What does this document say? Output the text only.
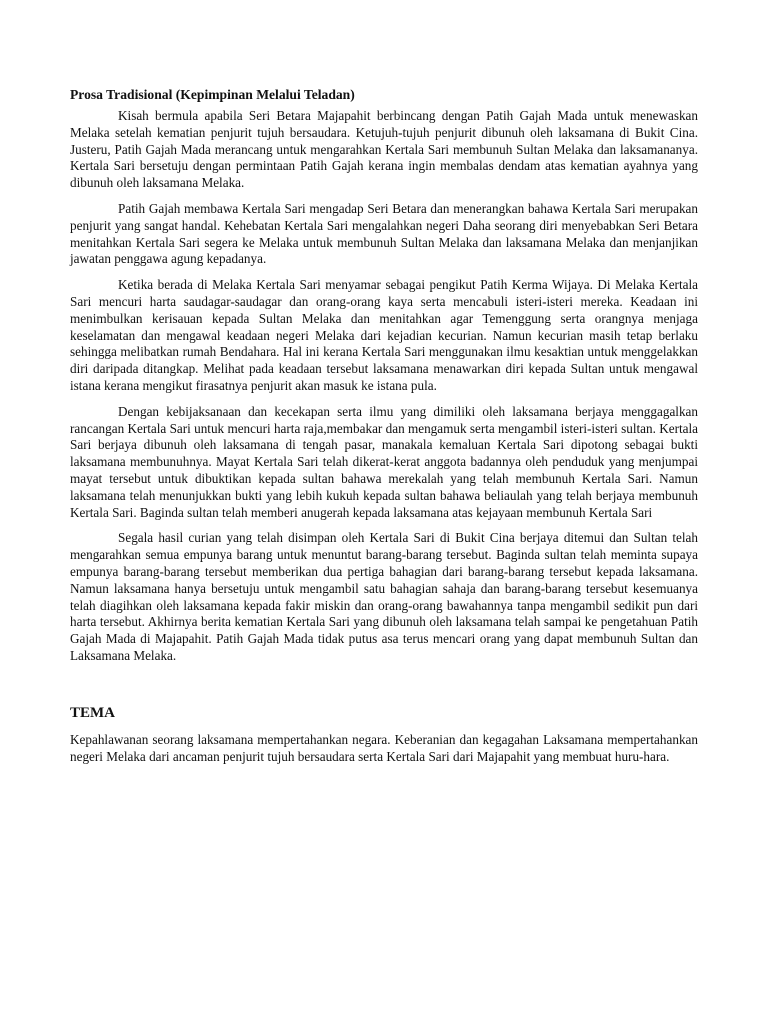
Prosa Tradisional (Kepimpinan Melalui Teladan)

Kisah bermula apabila Seri Betara Majapahit berbincang dengan Patih Gajah Mada untuk menewaskan Melaka setelah kematian penjurit tujuh bersaudara. Ketujuh-tujuh penjurit dibunuh oleh laksamana di Bukit Cina. Justeru, Patih Gajah Mada merancang untuk mengarahkan Kertala Sari membunuh Sultan Melaka dan laksamananya. Kertala Sari bersetuju dengan permintaan Patih Gajah kerana ingin membalas dendam atas kematian ayahnya yang dibunuh oleh laksamana Melaka.

Patih Gajah membawa Kertala Sari mengadap Seri Betara dan menerangkan bahawa Kertala Sari merupakan penjurit yang sangat handal. Kehebatan Kertala Sari mengalahkan negeri Daha seorang diri menyebabkan Seri Betara menitahkan Kertala Sari segera ke Melaka untuk membunuh Sultan Melaka dan laksamana Melaka dan menjanjikan jawatan penggawa agung kepadanya.

Ketika berada di Melaka Kertala Sari menyamar sebagai pengikut Patih Kerma Wijaya. Di Melaka Kertala Sari mencuri harta saudagar-saudagar dan orang-orang kaya serta mencabuli isteri-isteri mereka. Keadaan ini menimbulkan kerisauan kepada Sultan Melaka dan menitahkan agar Temenggung serta orangnya menjaga keselamatan dan mengawal keadaan negeri Melaka dari kejadian kecurian. Namun kecurian masih tetap berlaku sehingga melibatkan rumah Bendahara. Hal ini kerana Kertala Sari menggunakan ilmu kesaktian untuk menggelakkan diri daripada ditangkap. Melihat pada keadaan tersebut laksamana menawarkan diri kepada Sultan untuk mengawal istana kerana mengikut firasatnya penjurit akan masuk ke istana pula.

Dengan kebijaksanaan dan kecekapan serta ilmu yang dimiliki oleh laksamana berjaya menggagalkan rancangan Kertala Sari untuk mencuri harta raja,membakar dan mengamuk serta mengambil isteri-isteri sultan. Kertala Sari berjaya dibunuh oleh laksamana di tengah pasar, manakala kemaluan Kertala Sari dipotong sebagai bukti laksamana membunuhnya. Mayat Kertala Sari telah dikerat-kerat anggota badannya oleh penduduk yang menjumpai mayat tersebut untuk dibuktikan kepada sultan bahawa merekalah yang telah membunuh Kertala Sari. Namun laksamana telah menunjukkan bukti yang lebih kukuh kepada sultan bahawa beliaulah yang telah berjaya membunuh Kertala Sari. Baginda sultan telah memberi anugerah kepada laksamana atas kejayaan membunuh Kertala Sari

Segala hasil curian yang telah disimpan oleh Kertala Sari di Bukit Cina berjaya ditemui dan Sultan telah mengarahkan semua empunya barang untuk menuntut barang-barang tersebut. Baginda sultan telah meminta supaya empunya barang-barang tersebut memberikan dua pertiga bahagian dari barang-barang tersebut kepada laksamana. Namun laksamana hanya bersetuju untuk mengambil satu bahagian sahaja dan barang-barang tersebut kesemuanya telah diagihkan oleh laksamana kepada fakir miskin dan orang-orang bawahannya tanpa mengambil sedikit pun dari harta tersebut. Akhirnya berita kematian Kertala Sari yang dibunuh oleh laksamana telah sampai ke pengetahuan Patih Gajah Mada di Majapahit. Patih Gajah Mada tidak putus asa terus mencari orang yang dapat membunuh Sultan dan Laksamana Melaka.

TEMA

Kepahlawanan seorang laksamana mempertahankan negara. Keberanian dan kegagahan Laksamana mempertahankan negeri Melaka dari ancaman penjurit tujuh bersaudara serta Kertala Sari dari Majapahit yang membuat huru-hara.
